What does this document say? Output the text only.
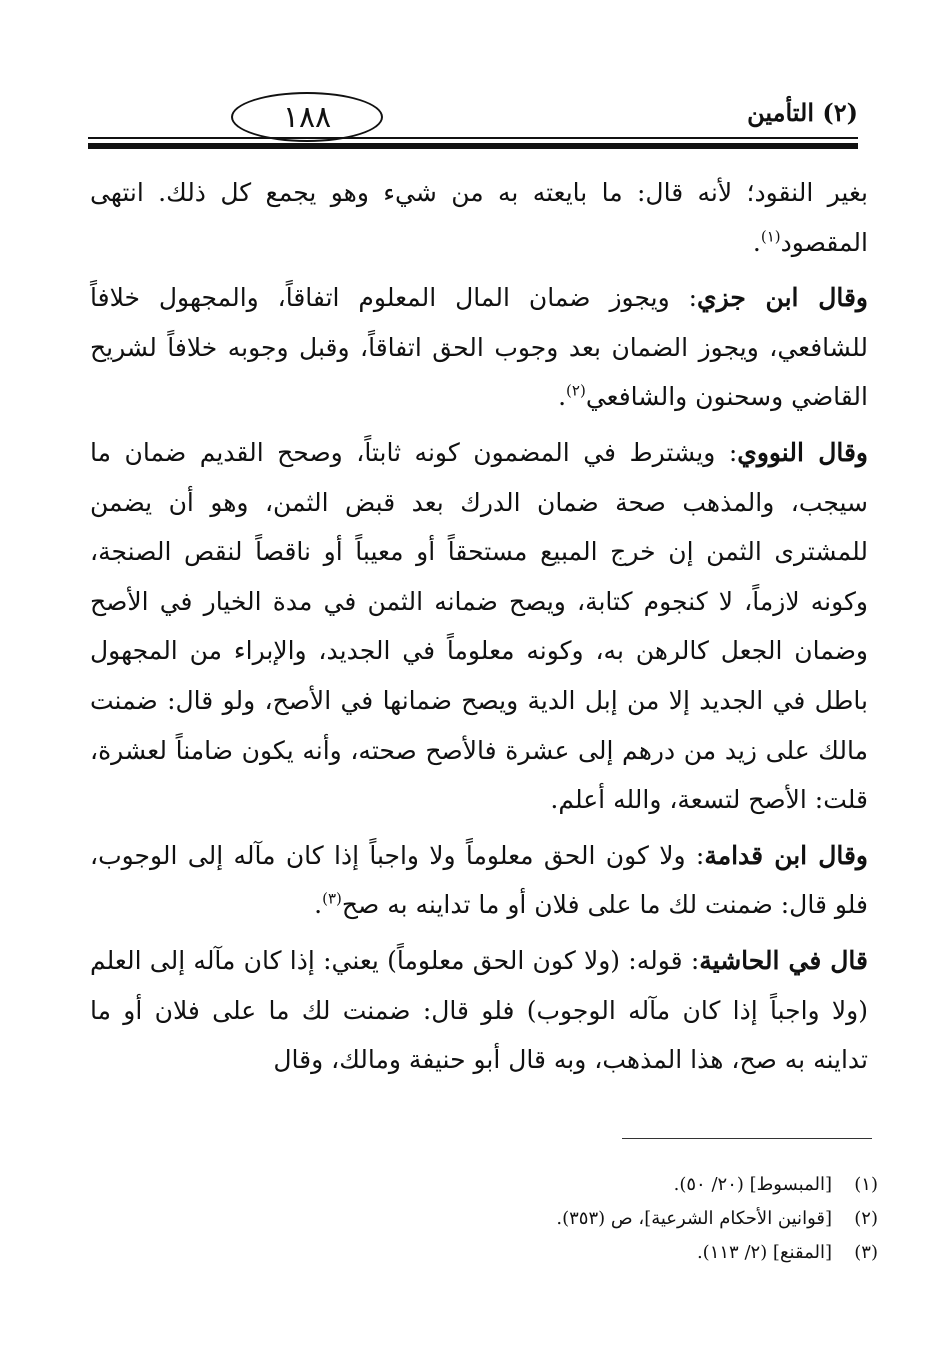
١٨٨	(٢) التأمين

بغير النقود؛ لأنه قال: ما بايعته به من شيء وهو يجمع كل ذلك. انتهى المقصود$^{(١)}$.

وقال ابن جزي: ويجوز ضمان المال المعلوم اتفاقاً، والمجهول خلافاً للشافعي، ويجوز الضمان بعد وجوب الحق اتفاقاً، وقبل وجوبه خلافاً لشريح القاضي وسحنون والشافعي$^{(٢)}$.

وقال النووي: ويشترط في المضمون كونه ثابتاً، وصحح القديم ضمان ما سيجب، والمذهب صحة ضمان الدرك بعد قبض الثمن، وهو أن يضمن للمشترى الثمن إن خرج المبيع مستحقاً أو معيباً أو ناقصاً لنقص الصنجة، وكونه لازماً، لا كنجوم كتابة، ويصح ضمانه الثمن في مدة الخيار في الأصح وضمان الجعل كالرهن به، وكونه معلوماً في الجديد، والإبراء من المجهول باطل في الجديد إلا من إبل الدية ويصح ضمانها في الأصح، ولو قال: ضمنت مالك على زيد من درهم إلى عشرة فالأصح صحته، وأنه يكون ضامناً لعشرة، قلت: الأصح لتسعة، والله أعلم.

وقال ابن قدامة: ولا كون الحق معلوماً ولا واجباً إذا كان مآله إلى الوجوب، فلو قال: ضمنت لك ما على فلان أو ما تداينه به صح$^{(٣)}$.

قال في الحاشية: قوله: (ولا كون الحق معلوماً) يعني: إذا كان مآله إلى العلم (ولا واجباً إذا كان مآله الوجوب) فلو قال: ضمنت لك ما على فلان أو ما تداينه به صح، هذا المذهب، وبه قال أبو حنيفة ومالك، وقال

(١)
[المبسوط] (٢٠/ ٥٠).
(٢)
[قوانين الأحكام الشرعية]، ص (٣٥٣).
(٣)
[المقنع] (٢/ ١١٣).
